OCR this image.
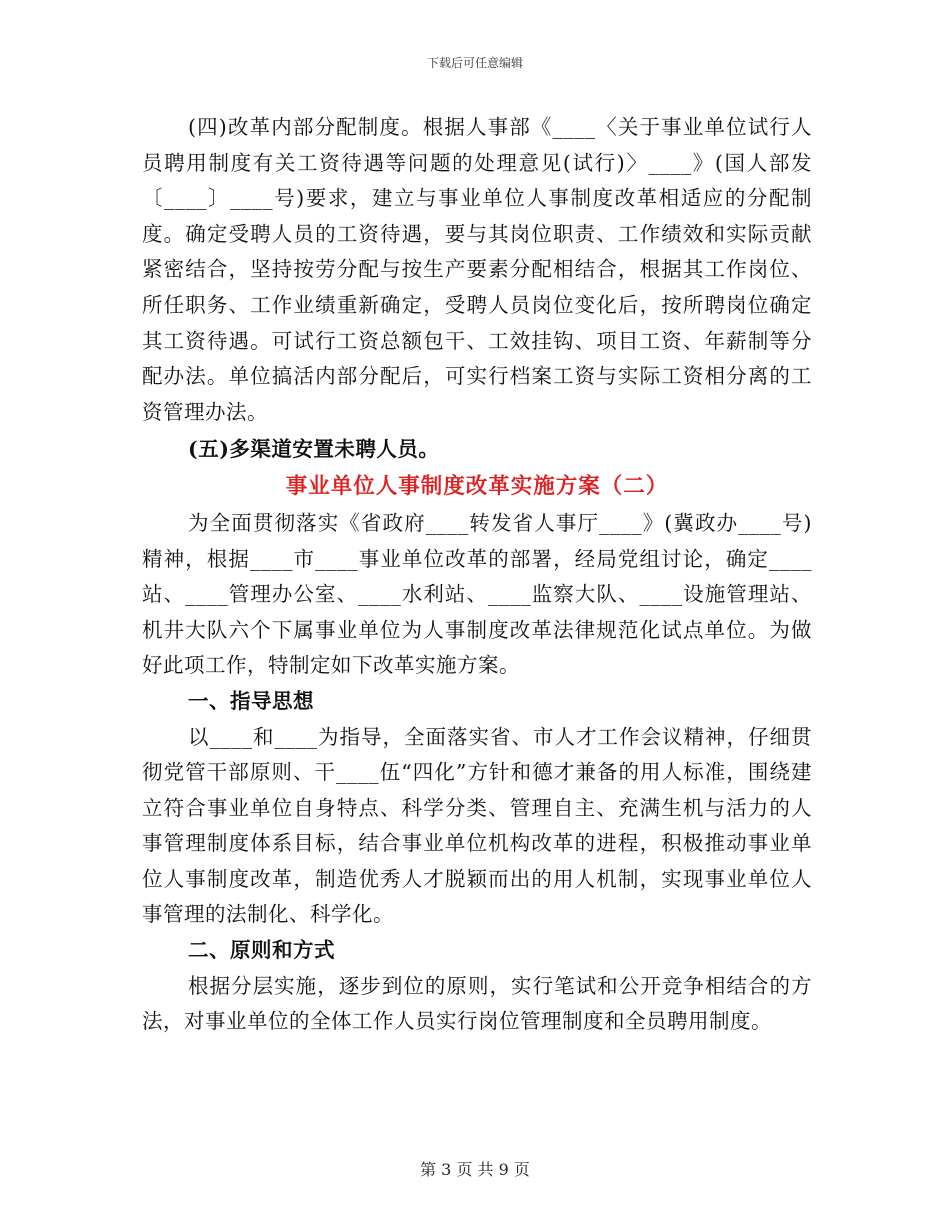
下载后可任意编辑

(四)改革内部分配制度。根据人事部《____〈关于事业单位试行人员聘用制度有关工资待遇等问题的处理意见(试行)〉____》(国人部发〔____〕____号)要求，建立与事业单位人事制度改革相适应的分配制度。确定受聘人员的工资待遇，要与其岗位职责、工作绩效和实际贡献紧密结合，坚持按劳分配与按生产要素分配相结合，根据其工作岗位、所任职务、工作业绩重新确定，受聘人员岗位变化后，按所聘岗位确定其工资待遇。可试行工资总额包干、工效挂钩、项目工资、年薪制等分配办法。单位搞活内部分配后，可实行档案工资与实际工资相分离的工资管理办法。

(五)多渠道安置未聘人员。

事业单位人事制度改革实施方案（二）

为全面贯彻落实《省政府____转发省人事厅____》(冀政办____号)精神，根据____市____事业单位改革的部署，经局党组讨论，确定____站、____管理办公室、____水利站、____监察大队、____设施管理站、机井大队六个下属事业单位为人事制度改革法律规范化试点单位。为做好此项工作，特制定如下改革实施方案。

一、指导思想

以____和____为指导，全面落实省、市人才工作会议精神，仔细贯彻党管干部原则、干____伍“四化”方针和德才兼备的用人标准，围绕建立符合事业单位自身特点、科学分类、管理自主、充满生机与活力的人事管理制度体系目标，结合事业单位机构改革的进程，积极推动事业单位人事制度改革，制造优秀人才脱颖而出的用人机制，实现事业单位人事管理的法制化、科学化。

二、原则和方式

根据分层实施，逐步到位的原则，实行笔试和公开竞争相结合的方法，对事业单位的全体工作人员实行岗位管理制度和全员聘用制度。

第 3 页 共 9 页
